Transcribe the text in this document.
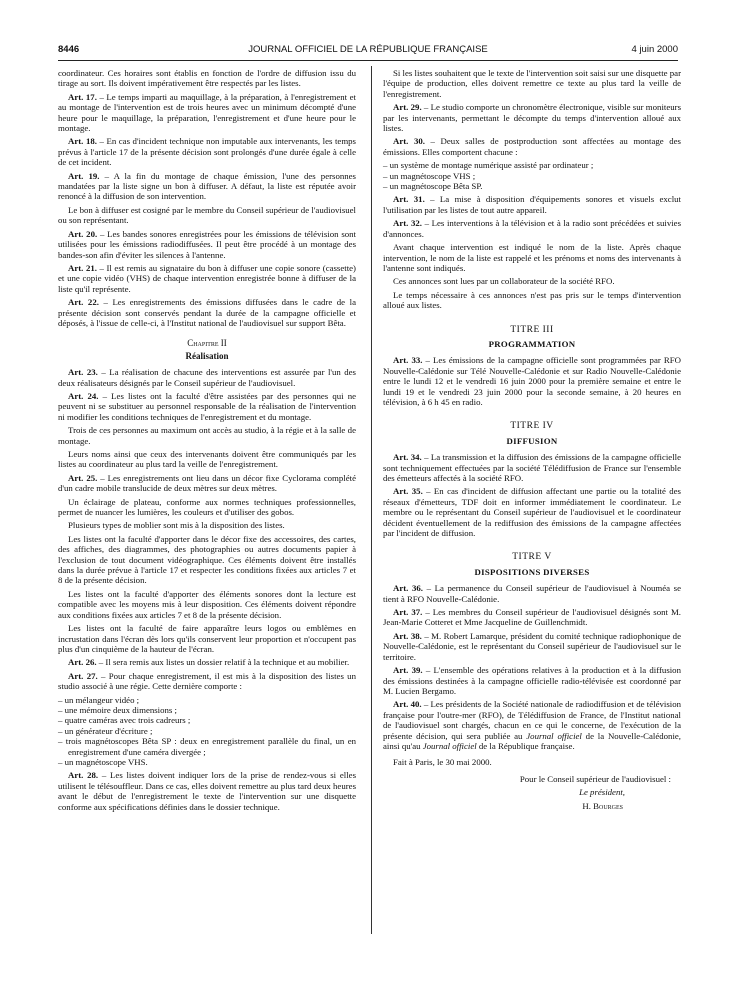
8446	JOURNAL OFFICIEL DE LA RÉPUBLIQUE FRANÇAISE	4 juin 2000

coordinateur. Ces horaires sont établis en fonction de l'ordre de diffusion issu du tirage au sort. Ils doivent impérativement être respectés par les listes.

Art. 17. – Le temps imparti au maquillage, à la préparation, à l'enregistrement et au montage de l'intervention est de trois heures avec un minimum décompté d'une heure pour le maquillage, la préparation, l'enregistrement et d'une heure pour le montage.

Art. 18. – En cas d'incident technique non imputable aux intervenants, les temps prévus à l'article 17 de la présente décision sont prolongés d'une durée égale à celle de cet incident.

Art. 19. – A la fin du montage de chaque émission, l'une des personnes mandatées par la liste signe un bon à diffuser. A défaut, la liste est réputée avoir renoncé à la diffusion de son intervention.

Le bon à diffuser est cosigné par le membre du Conseil supérieur de l'audiovisuel ou son représentant.

Art. 20. – Les bandes sonores enregistrées pour les émissions de télévision sont utilisées pour les émissions radiodiffusées. Il peut être procédé à un montage des bandes-son afin d'éviter les silences à l'antenne.

Art. 21. – Il est remis au signataire du bon à diffuser une copie sonore (cassette) et une copie vidéo (VHS) de chaque intervention enregistrée bonne à diffuser de la liste qu'il représente.

Art. 22. – Les enregistrements des émissions diffusées dans le cadre de la présente décision sont conservés pendant la durée de la campagne officielle et déposés, à l'issue de celle-ci, à l'Institut national de l'audiovisuel sur support Bêta.

Chapitre II
Réalisation

Art. 23. – La réalisation de chacune des interventions est assurée par l'un des deux réalisateurs désignés par le Conseil supérieur de l'audiovisuel.

Art. 24. – Les listes ont la faculté d'être assistées par des personnes qui ne peuvent ni se substituer au personnel responsable de la réalisation de l'intervention ni modifier les conditions techniques de l'enregistrement et du montage.

Trois de ces personnes au maximum ont accès au studio, à la régie et à la salle de montage.

Leurs noms ainsi que ceux des intervenants doivent être communiqués par les listes au coordinateur au plus tard la veille de l'enregistrement.

Art. 25. – Les enregistrements ont lieu dans un décor fixe Cyclorama complété d'un cadre mobile translucide de deux mètres sur deux mètres.

Un éclairage de plateau, conforme aux normes techniques professionnelles, permet de nuancer les lumières, les couleurs et d'utiliser des gobos.

Plusieurs types de moblier sont mis à la disposition des listes.

Les listes ont la faculté d'apporter dans le décor fixe des accessoires, des cartes, des affiches, des diagrammes, des photographies ou autres documents papier à l'exclusion de tout document vidéographique. Ces éléments doivent être installés dans la durée prévue à l'article 17 et respecter les conditions fixées aux articles 7 et 8 de la présente décision.

Les listes ont la faculté d'apporter des éléments sonores dont la lecture est compatible avec les moyens mis à leur disposition. Ces éléments doivent répondre aux conditions fixées aux articles 7 et 8 de la présente décision.

Les listes ont la faculté de faire apparaître leurs logos ou emblèmes en incrustation dans l'écran dès lors qu'ils conservent leur proportion et n'occupent pas plus d'un cinquième de la hauteur de l'écran.

Art. 26. – Il sera remis aux listes un dossier relatif à la technique et au mobilier.

Art. 27. – Pour chaque enregistrement, il est mis à la disposition des listes un studio associé à une régie. Cette dernière comporte :

– un mélangeur vidéo ;
– une mémoire deux dimensions ;
– quatre caméras avec trois cadreurs ;
– un générateur d'écriture ;
– trois magnétoscopes Bêta SP : deux en enregistrement parallèle du final, un en enregistrement d'une caméra divergée ;
– un magnétoscope VHS.

Art. 28. – Les listes doivent indiquer lors de la prise de rendez-vous si elles utilisent le télésouffleur. Dans ce cas, elles doivent remettre au plus tard deux heures avant le début de l'enregistrement le texte de l'intervention sur une disquette conforme aux spécifications définies dans le dossier technique.

Si les listes souhaitent que le texte de l'intervention soit saisi sur une disquette par l'équipe de production, elles doivent remettre ce texte au plus tard la veille de l'enregistrement.

Art. 29. – Le studio comporte un chronomètre électronique, visible sur moniteurs par les intervenants, permettant le décompte du temps d'intervention alloué aux listes.

Art. 30. – Deux salles de postproduction sont affectées au montage des émissions. Elles comportent chacune :

– un système de montage numérique assisté par ordinateur ;
– un magnétoscope VHS ;
– un magnétoscope Bêta SP.

Art. 31. – La mise à disposition d'équipements sonores et visuels exclut l'utilisation par les listes de tout autre appareil.

Art. 32. – Les interventions à la télévision et à la radio sont précédées et suivies d'annonces.

Avant chaque intervention est indiqué le nom de la liste. Après chaque intervention, le nom de la liste est rappelé et les prénoms et noms des intervenants à l'antenne sont indiqués.

Ces annonces sont lues par un collaborateur de la société RFO.

Le temps nécessaire à ces annonces n'est pas pris sur le temps d'intervention alloué aux listes.

TITRE III
PROGRAMMATION

Art. 33. – Les émissions de la campagne officielle sont programmées par RFO Nouvelle-Calédonie sur Télé Nouvelle-Calédonie et sur Radio Nouvelle-Calédonie entre le lundi 12 et le vendredi 16 juin 2000 pour la première semaine et entre le lundi 19 et le vendredi 23 juin 2000 pour la seconde semaine, à 20 heures en télévision, à 6 h 45 en radio.

TITRE IV
DIFFUSION

Art. 34. – La transmission et la diffusion des émissions de la campagne officielle sont techniquement effectuées par la société Télédiffusion de France sur l'ensemble des émetteurs affectés à la société RFO.

Art. 35. – En cas d'incident de diffusion affectant une partie ou la totalité des réseaux d'émetteurs, TDF doit en informer immédiatement le coordinateur. Le membre ou le représentant du Conseil supérieur de l'audiovisuel et le coordinateur décident éventuellement de la rediffusion des émissions de la campagne affectées par l'incident de diffusion.

TITRE V
DISPOSITIONS DIVERSES

Art. 36. – La permanence du Conseil supérieur de l'audiovisuel à Nouméa se tient à RFO Nouvelle-Calédonie.

Art. 37. – Les membres du Conseil supérieur de l'audiovisuel désignés sont M. Jean-Marie Cotteret et Mme Jacqueline de Guillenchmidt.

Art. 38. – M. Robert Lamarque, président du comité technique radiophonique de Nouvelle-Calédonie, est le représentant du Conseil supérieur de l'audiovisuel sur le territoire.

Art. 39. – L'ensemble des opérations relatives à la production et à la diffusion des émissions destinées à la campagne officielle radio-télévisée est coordonné par M. Lucien Bergamo.

Art. 40. – Les présidents de la Société nationale de radiodiffusion et de télévision française pour l'outre-mer (RFO), de Télédiffusion de France, de l'Institut national de l'audiovisuel sont chargés, chacun en ce qui le concerne, de l'exécution de la présente décision, qui sera publiée au Journal officiel de la Nouvelle-Calédonie, ainsi qu'au Journal officiel de la République française.

Fait à Paris, le 30 mai 2000.

Pour le Conseil supérieur de l'audiovisuel :

Le président,

H. Bourges
